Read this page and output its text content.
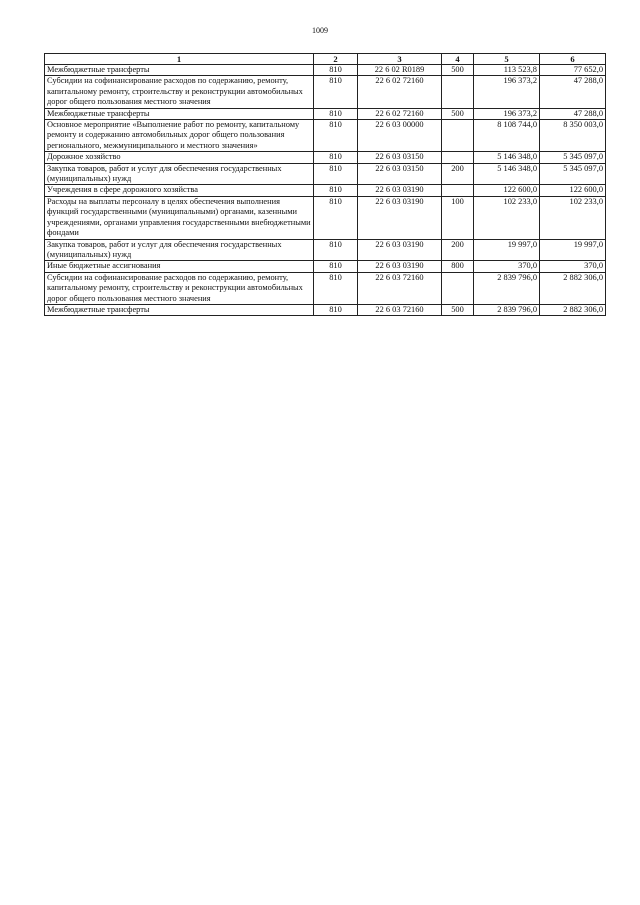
1009
1	2	3	4	5	6
Межбюджетные трансферты	810	22 6 02 R0189	500	113 523,8	77 652,0
Субсидии на софинансирование расходов по содержанию, ремонту, капитальному ремонту, строительству и реконструкции автомобильных дорог общего пользования местного значения	810	22 6 02 72160		196 373,2	47 288,0
Межбюджетные трансферты	810	22 6 02 72160	500	196 373,2	47 288,0
Основное мероприятие «Выполнение работ по ремонту, капитальному ремонту и содержанию автомобильных дорог общего пользования регионального, межмуниципального и местного значения»	810	22 6 03 00000		8 108 744,0	8 350 003,0
Дорожное хозяйство	810	22 6 03 03150		5 146 348,0	5 345 097,0
Закупка товаров, работ и услуг для обеспечения государственных (муниципальных) нужд	810	22 6 03 03150	200	5 146 348,0	5 345 097,0
Учреждения в сфере дорожного хозяйства	810	22 6 03 03190		122 600,0	122 600,0
Расходы на выплаты персоналу в целях обеспечения выполнения функций государственными (муниципальными) органами, казенными учреждениями, органами управления государственными внебюджетными фондами	810	22 6 03 03190	100	102 233,0	102 233,0
Закупка товаров, работ и услуг для обеспечения государственных (муниципальных) нужд	810	22 6 03 03190	200	19 997,0	19 997,0
Иные бюджетные ассигнования	810	22 6 03 03190	800	370,0	370,0
Субсидии на софинансирование расходов по содержанию, ремонту, капитальному ремонту, строительству и реконструкции автомобильных дорог общего пользования местного значения	810	22 6 03 72160		2 839 796,0	2 882 306,0
Межбюджетные трансферты	810	22 6 03 72160	500	2 839 796,0	2 882 306,0
